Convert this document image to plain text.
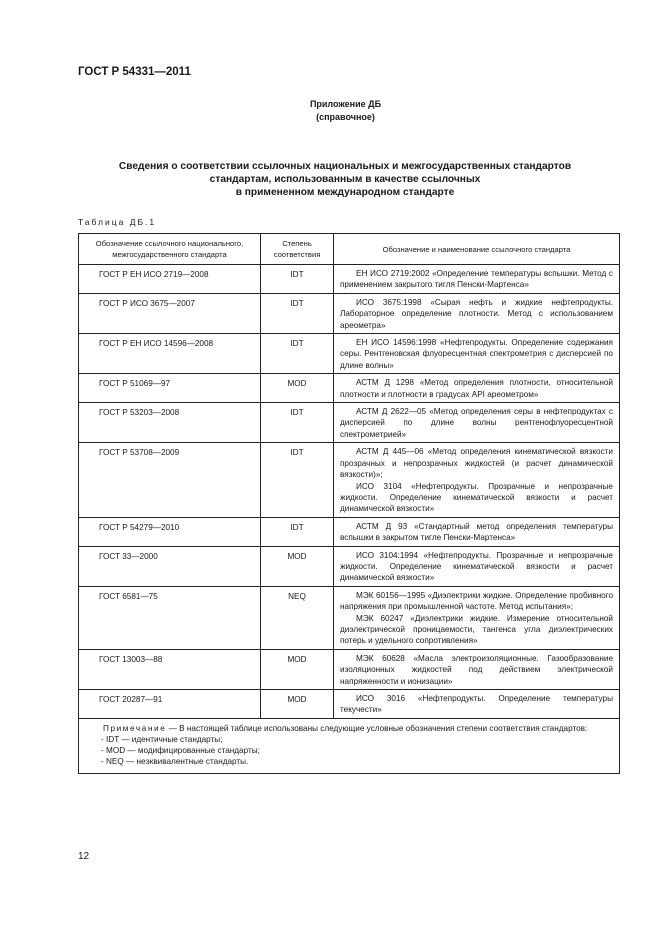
ГОСТ Р 54331—2011
Приложение ДБ
(справочное)
Сведения о соответствии ссылочных национальных и межгосударственных стандартов
стандартам, использованным в качестве ссылочных
в примененном международном стандарте
Таблица ДБ.1
Обозначение ссылочного национального, межгосударственного стандарта	Степень соответствия	Обозначение и наименование ссылочного стандарта
ГОСТ Р ЕН ИСО 2719—2008	IDT	ЕН ИСО 2719:2002 «Определение температуры вспышки. Метод с применением закрытого тигля Пенски-Мартенса»

ГОСТ Р ИСО 3675—2007	IDT	ИСО 3675:1998 «Сырая нефть и жидкие нефтепродукты. Лабораторное определение плотности. Метод с использованием ареометра»

ГОСТ Р ЕН ИСО 14596—2008	IDT	ЕН ИСО 14596:1998 «Нефтепродукты. Определение содержания серы. Рентгеновская флуоресцентная спектрометрия с дисперсией по длине волны»

ГОСТ Р 51069—97	MOD	АСТМ Д 1298 «Метод определения плотности, относительной плотности и плотности в градусах API ареометром»

ГОСТ Р 53203—2008	IDT	АСТМ Д 2622—05 «Метод определения серы в нефтепродуктах с дисперсией по длине волны рентгенофлуоресцентной спектрометрией»

ГОСТ Р 53708—2009	IDT	АСТМ Д 445—06 «Метод определения кинематической вязкости прозрачных и непрозрачных жидкостей (и расчет динамической вязкости)»;
ИСО 3104 «Нефтепродукты. Прозрачные и непрозрачные жидкости. Определение кинематической вязкости и расчет динамической вязкости»

ГОСТ Р 54279—2010	IDT	АСТМ Д 93 «Стандартный метод определения температуры вспышки в закрытом тигле Пенски-Мартенса»

ГОСТ 33—2000	MOD	ИСО 3104:1994 «Нефтепродукты. Прозрачные и непрозрачные жидкости. Определение кинематической вязкости и расчет динамической вязкости»

ГОСТ 6581—75	NEQ	МЭК 60156—1995 «Диэлектрики жидкие. Определение пробивного напряжения при промышленной частоте. Метод испытания»;
МЭК 60247 «Диэлектрики жидкие. Измерение относительной диэлектрической проницаемости, тангенса угла диэлектрических потерь и удельного сопротивления»

ГОСТ 13003—88	MOD	МЭК 60628 «Масла электроизоляционные. Газообразование изоляционных жидкостей под действием электрической напряженности и ионизации»

ГОСТ 20287—91	MOD	ИСО 3016 «Нефтепродукты. Определение температуры текучести»

Примечание — В настоящей таблице использованы следующие условные обозначения степени соответствия стандартов:
- IDT — идентичные стандарты;
- MOD — модифицированные стандарты;
- NEQ — неэквивалентные стандарты.		
12
